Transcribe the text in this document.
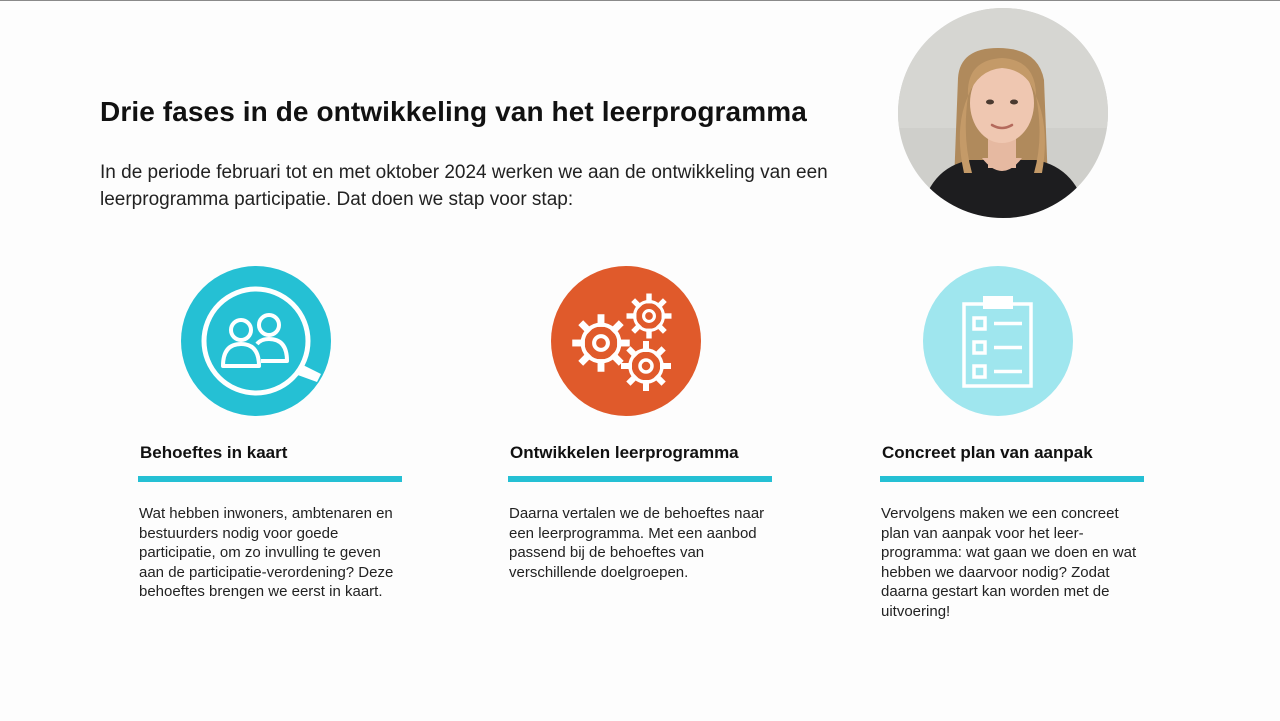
Drie fases in de ontwikkeling van het leerprogramma

In de periode februari tot en met oktober 2024 werken we aan de ontwikkeling van een leerprogramma participatie. Dat doen we stap voor stap:

Behoeftes in kaart

Wat hebben inwoners, ambtenaren en bestuurders nodig voor goede participatie, om zo invulling te geven aan de participatie-verordening? Deze behoeftes brengen we eerst in kaart.

Ontwikkelen leerprogramma

Daarna vertalen we de behoeftes naar een leerprogramma. Met een aanbod passend bij de behoeftes van verschillende doelgroepen.

Concreet plan van aanpak

Vervolgens maken we een concreet plan van aanpak voor het leer-programma: wat gaan we doen en wat hebben we daarvoor nodig? Zodat daarna gestart kan worden met de uitvoering!
